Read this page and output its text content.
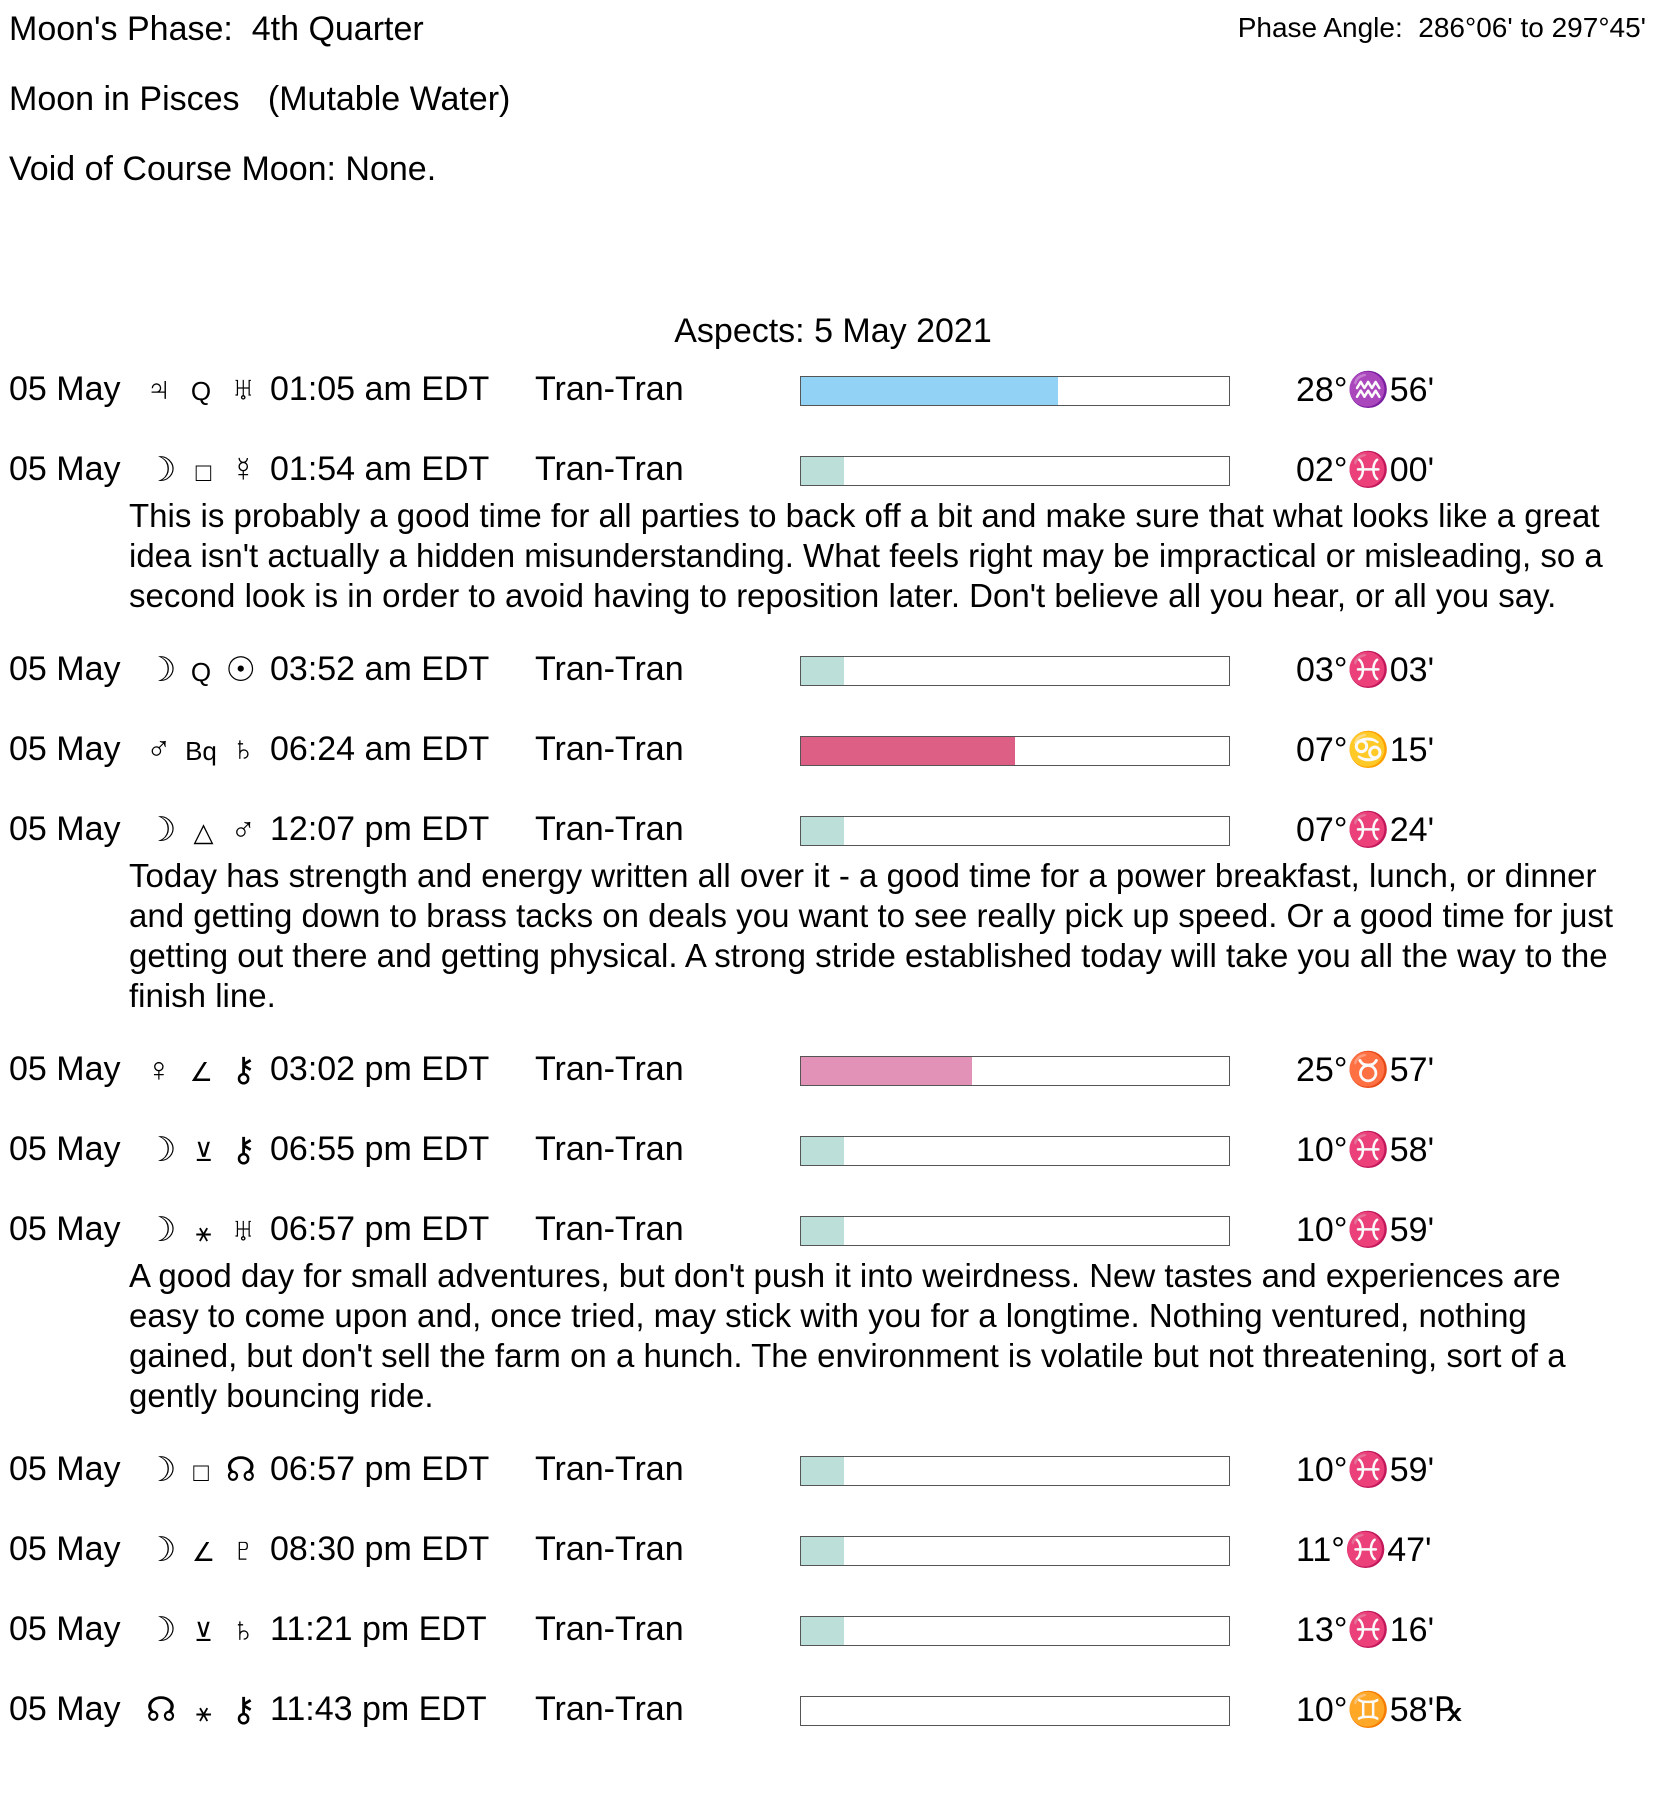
Moon's Phase:  4th Quarter	Phase Angle:  286°06' to 297°45'
Moon in Pisces   (Mutable Water)
Void of Course Moon: None.
Aspects: 5 May 2021
05 May ♃ Q ♅ 01:05 am EDT Tran-Tran	28°♒56'
05 May ☽ □ ☿ 01:54 am EDT Tran-Tran	02°♓00'
This is probably a good time for all parties to back off a bit and make sure that what looks like a great idea isn't actually a hidden misunderstanding. What feels right may be impractical or misleading, so a second look is in order to avoid having to reposition later. Don't believe all you hear, or all you say.
05 May ☽ Q ☉ 03:52 am EDT Tran-Tran	03°♓03'
05 May ♂ Bq ♄ 06:24 am EDT Tran-Tran	07°♋15'
05 May ☽ △ ♂ 12:07 pm EDT Tran-Tran	07°♓24'
Today has strength and energy written all over it - a good time for a power breakfast, lunch, or dinner and getting down to brass tacks on deals you want to see really pick up speed. Or a good time for just getting out there and getting physical. A strong stride established today will take you all the way to the finish line.
05 May ♀ ∠ ⚷ 03:02 pm EDT Tran-Tran	25°♉57'
05 May ☽ ⊻ ⚷ 06:55 pm EDT Tran-Tran	10°♓58'
05 May ☽ ⚹ ♅ 06:57 pm EDT Tran-Tran	10°♓59'
A good day for small adventures, but don't push it into weirdness. New tastes and experiences are easy to come upon and, once tried, may stick with you for a longtime. Nothing ventured, nothing gained, but don't sell the farm on a hunch. The environment is volatile but not threatening, sort of a gently bouncing ride.
05 May ☽ □ ☊ 06:57 pm EDT Tran-Tran	10°♓59'
05 May ☽ ∠ ♇ 08:30 pm EDT Tran-Tran	11°♓47'
05 May ☽ ⊻ ♄ 11:21 pm EDT Tran-Tran	13°♓16'
05 May ☊ ⚹ ⚷ 11:43 pm EDT Tran-Tran	10°♊58'℞
